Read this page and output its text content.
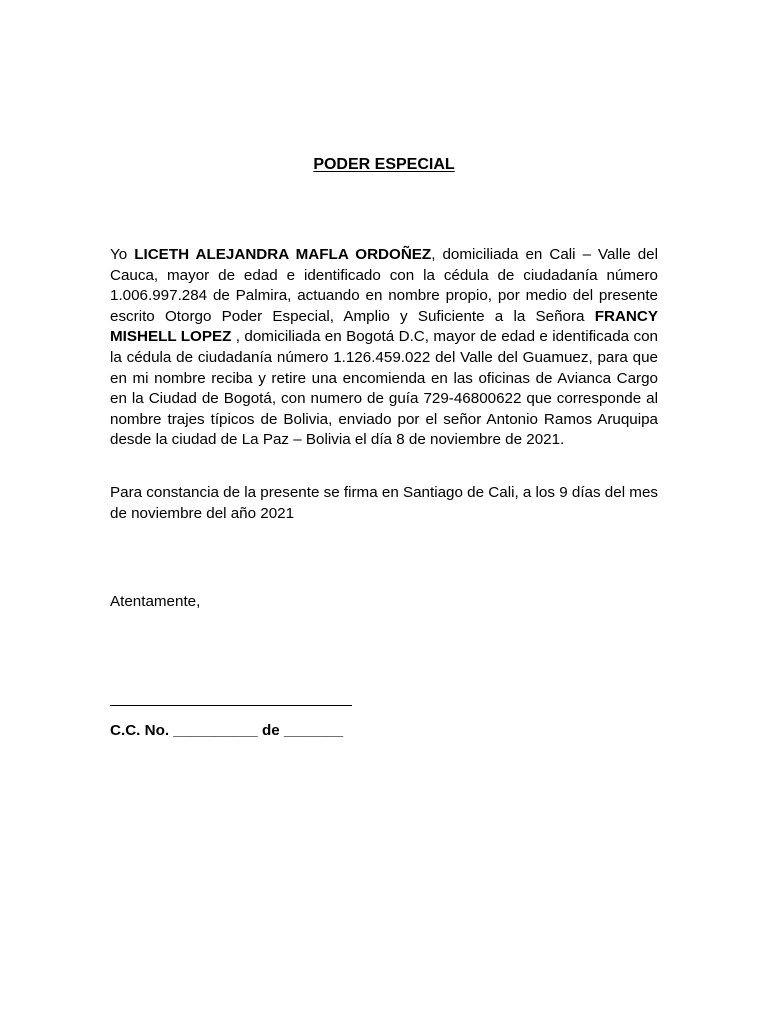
PODER ESPECIAL
Yo LICETH ALEJANDRA MAFLA ORDOÑEZ, domiciliada en Cali – Valle del Cauca, mayor de edad e identificado con la cédula de ciudadanía número 1.006.997.284 de Palmira, actuando en nombre propio, por medio del presente escrito Otorgo Poder Especial, Amplio y Suficiente a la Señora FRANCY MISHELL LOPEZ , domiciliada en Bogotá D.C, mayor de edad e identificada con la cédula de ciudadanía número 1.126.459.022 del Valle del Guamuez, para que en mi nombre reciba y retire una encomienda en las oficinas de Avianca Cargo en la Ciudad de Bogotá, con numero de guía 729-46800622 que corresponde al nombre trajes típicos de Bolivia, enviado por el señor Antonio Ramos Aruquipa desde la ciudad de La Paz – Bolivia el día 8 de noviembre de 2021.
Para constancia de la presente se firma en Santiago de Cali, a los 9 días del mes de noviembre del año 2021
Atentamente,
C.C. No. __________ de _______
